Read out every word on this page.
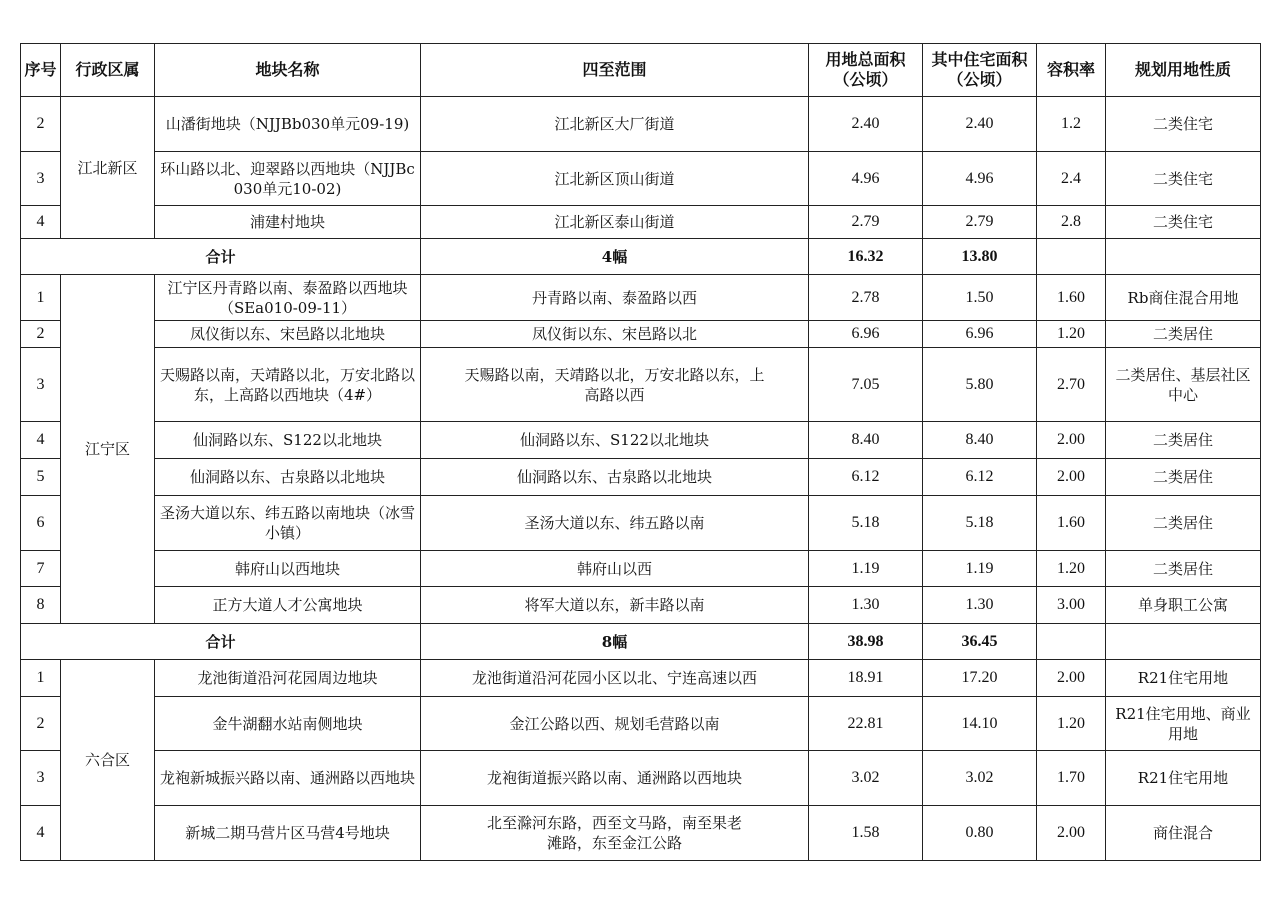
序号	行政区属	地块名称	四至范围	用地总面积（公顷）	其中住宅面积（公顷）	容积率	规划用地性质
2	江北新区	山潘街地块（NJJBb030单元09-19)	江北新区大厂街道	2.40	2.40	1.2	二类住宅
3		环山路以北、迎翠路以西地块（NJJBc030单元10-02)	江北新区顶山街道	4.96	4.96	2.4	二类住宅
4		浦建村地块	江北新区泰山街道	2.79	2.79	2.8	二类住宅
合计			4幅	16.32	13.80		
1	江宁区	江宁区丹青路以南、泰盈路以西地块（SEa010-09-11）	丹青路以南、泰盈路以西	2.78	1.50	1.60	Rb商住混合用地
2		凤仪街以东、宋邑路以北地块	凤仪街以东、宋邑路以北	6.96	6.96	1.20	二类居住
3		天赐路以南，天靖路以北，万安北路以东，上高路以西地块（4#）	天赐路以南，天靖路以北，万安北路以东，上高路以西	7.05	5.80	2.70	二类居住、基层社区中心
4		仙洞路以东、S122以北地块	仙洞路以东、S122以北地块	8.40	8.40	2.00	二类居住
5		仙洞路以东、古泉路以北地块	仙洞路以东、古泉路以北地块	6.12	6.12	2.00	二类居住
6		圣汤大道以东、纬五路以南地块（冰雪小镇）	圣汤大道以东、纬五路以南	5.18	5.18	1.60	二类居住
7		韩府山以西地块	韩府山以西	1.19	1.19	1.20	二类居住
8		正方大道人才公寓地块	将军大道以东，新丰路以南	1.30	1.30	3.00	单身职工公寓
合计			8幅	38.98	36.45		
1	六合区	龙池街道沿河花园周边地块	龙池街道沿河花园小区以北、宁连高速以西	18.91	17.20	2.00	R21住宅用地
2		金牛湖翻水站南侧地块	金江公路以西、规划毛营路以南	22.81	14.10	1.20	R21住宅用地、商业用地
3		龙袍新城振兴路以南、通洲路以西地块	龙袍街道振兴路以南、通洲路以西地块	3.02	3.02	1.70	R21住宅用地
4		新城二期马营片区马营4号地块	北至滁河东路，西至文马路，南至果老滩路，东至金江公路	1.58	0.80	2.00	商住混合
